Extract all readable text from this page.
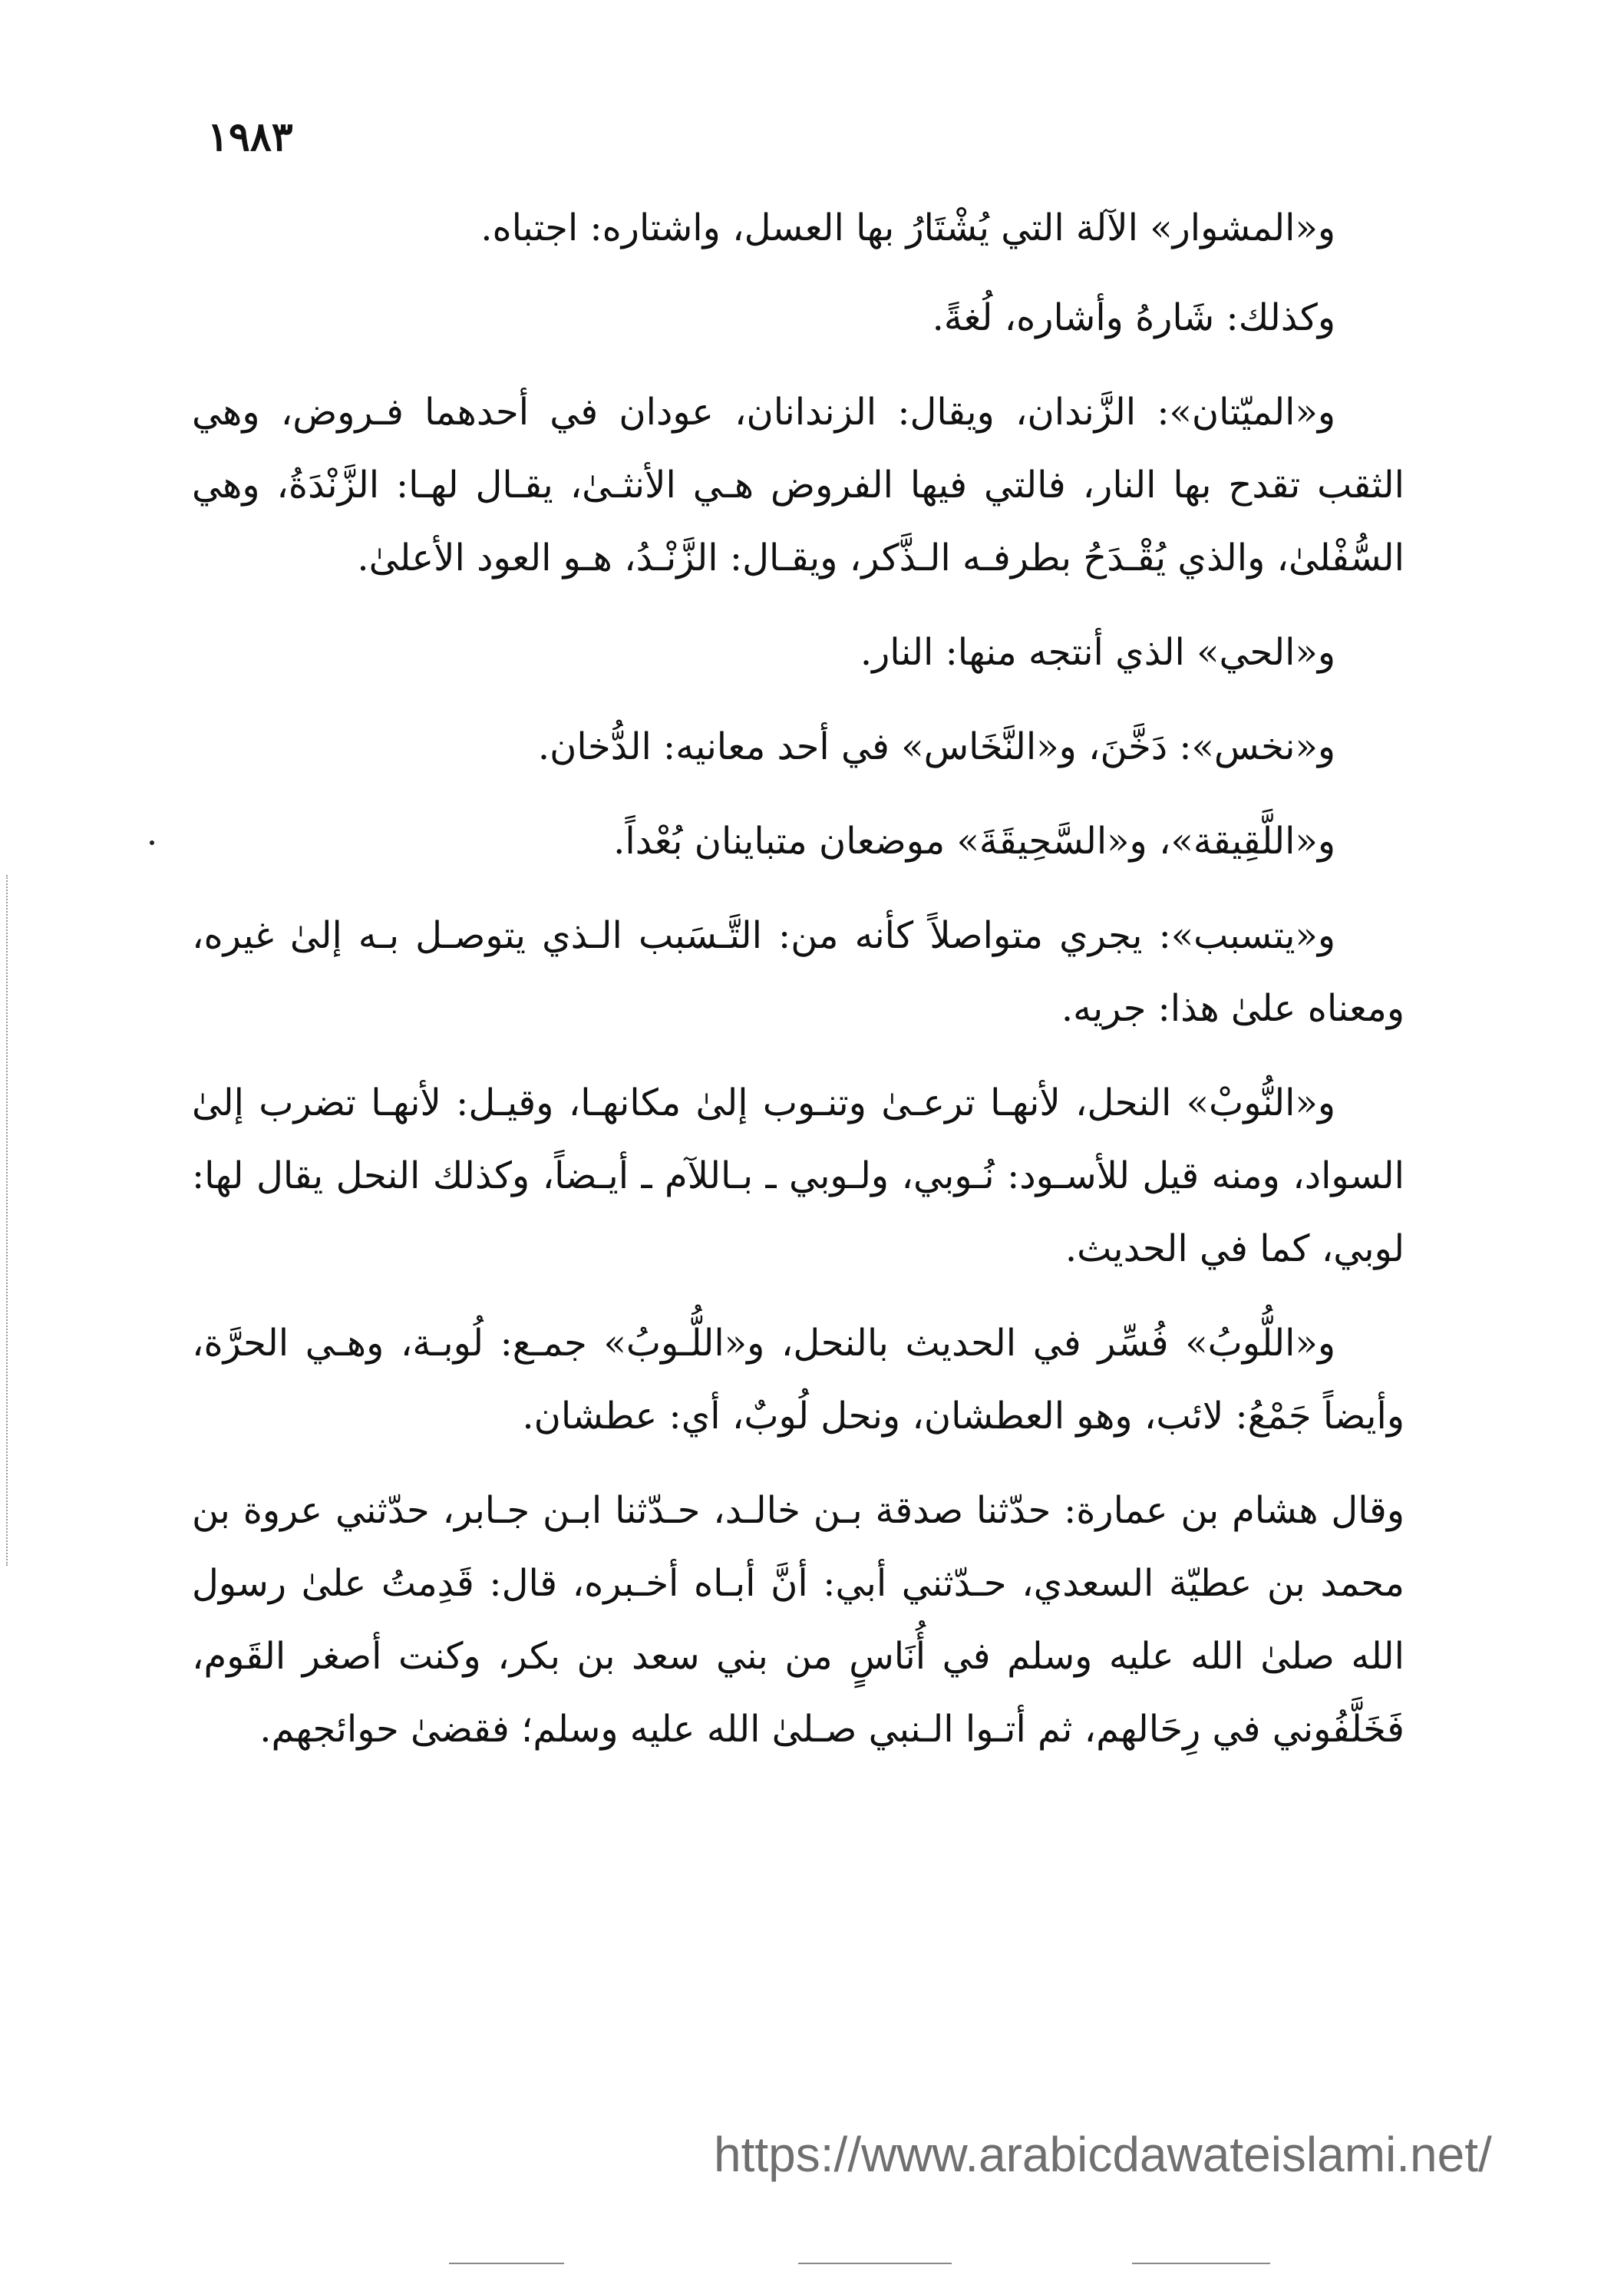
١٩٨٣

و«المشوار» الآلة التي يُشْتَارُ بها العسل، واشتاره: اجتباه.

وكذلك: شَارهُ وأشاره، لُغةً.

و«الميّتان»: الزَّندان، ويقال: الزندانان، عودان في أحدهما فـروض، وهي الثقب تقدح بها النار، فالتي فيها الفروض هـي الأنثـىٰ، يقـال لهـا: الزَّنْدَةُ، وهي السُّفْلىٰ، والذي يُقْـدَحُ بطرفـه الـذَّكر، ويقـال: الزَّنْـدُ، هـو العود الأعلىٰ.

و«الحي» الذي أنتجه منها: النار.

و«نخس»: دَخَّنَ، و«النَّخَاس» في أحد معانيه: الدُّخان.

و«اللَّقِيقة»، و«السَّحِيقَةَ» موضعان متباينان بُعْداً.

و«يتسبب»: يجري متواصلاً كأنه من: التَّـسَبب الـذي يتوصـل بـه إلىٰ غيره، ومعناه علىٰ هذا: جريه.

و«النُّوبْ» النحل، لأنهـا ترعـىٰ وتنـوب إلىٰ مكانهـا، وقيـل: لأنهـا تضرب إلىٰ السواد، ومنه قيل للأسـود: نُـوبي، ولـوبي ـ بـاللآم ـ أيـضاً، وكذلك النحل يقال لها: لوبي، كما في الحديث.

و«اللُّوبُ» فُسِّر في الحديث بالنحل، و«اللُّـوبُ» جمـع: لُوبـة، وهـي الحرَّة، وأيضاً جَمْعُ: لائب، وهو العطشان، ونحل لُوبٌ، أي: عطشان.

وقال هشام بن عمارة: حدّثنا صدقة بـن خالـد، حـدّثنا ابـن جـابر، حدّثني عروة بن محمد بن عطيّة السعدي، حـدّثني أبي: أنَّ أبـاه أخـبره، قال: قَدِمتُ علىٰ رسول الله صلىٰ الله عليه وسلم في أُنَاسٍ من بني سعد بن بكر، وكنت أصغر القَوم، فَخَلَّفُوني في رِحَالهم، ثم أتـوا الـنبي صـلىٰ الله عليه وسلم؛ فقضىٰ حوائجهم.

https://www.arabicdawateislami.net/
